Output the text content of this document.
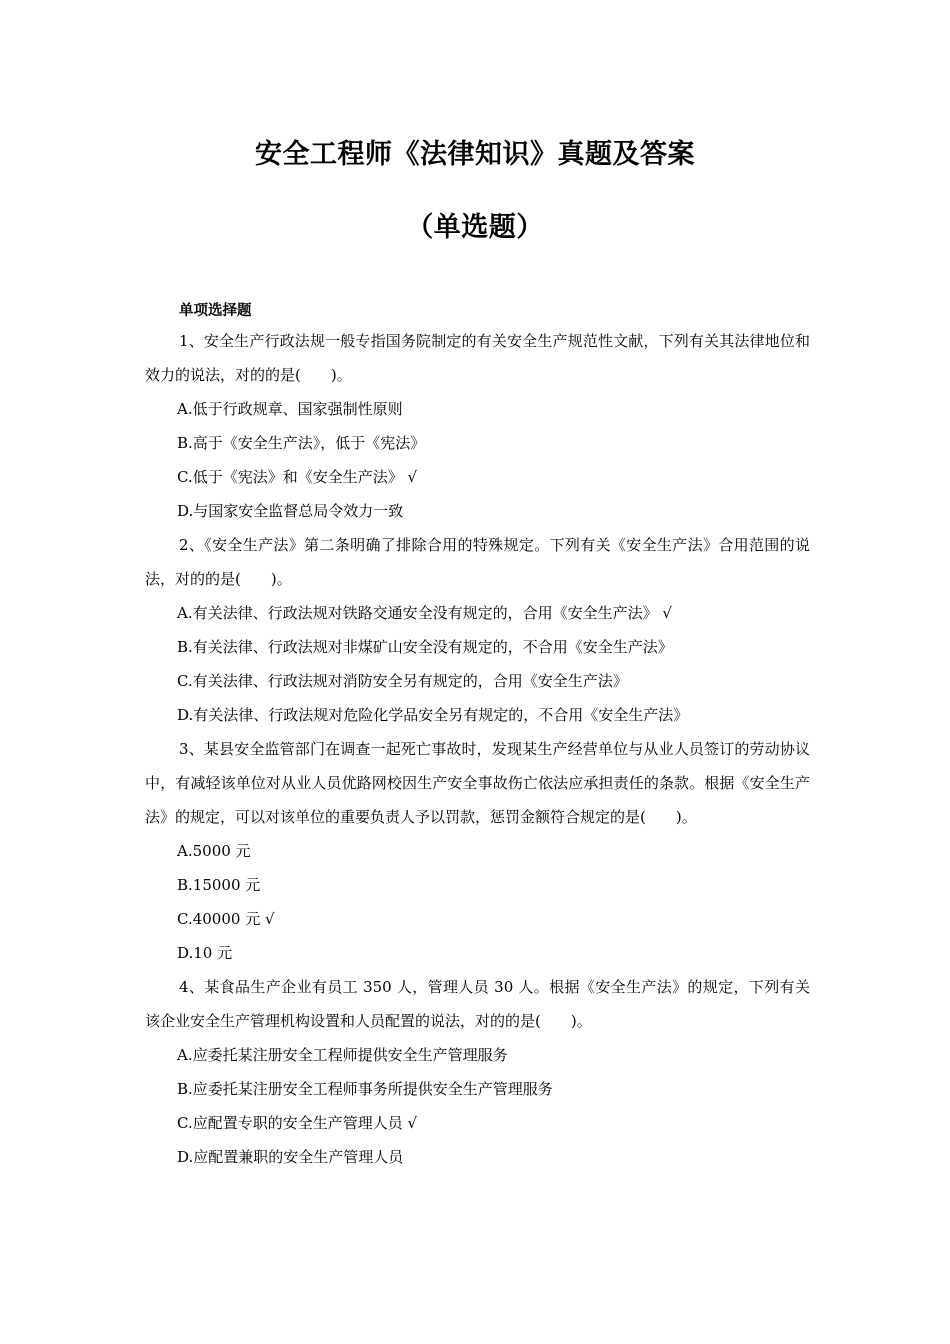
安全工程师《法律知识》真题及答案
（单选题）
单项选择题

1、安全生产行政法规一般专指国务院制定的有关安全生产规范性文献，下列有关其法律地位和效力的说法，对的的是(　　)。

A.低于行政规章、国家强制性原则

B.高于《安全生产法》，低于《宪法》

C.低于《宪法》和《安全生产法》 √

D.与国家安全监督总局令效力一致

2、《安全生产法》第二条明确了排除合用的特殊规定。下列有关《安全生产法》合用范围的说法，对的的是(　　)。

A.有关法律、行政法规对铁路交通安全没有规定的，合用《安全生产法》 √

B.有关法律、行政法规对非煤矿山安全没有规定的，不合用《安全生产法》

C.有关法律、行政法规对消防安全另有规定的，合用《安全生产法》

D.有关法律、行政法规对危险化学品安全另有规定的，不合用《安全生产法》

3、某县安全监管部门在调查一起死亡事故时，发现某生产经营单位与从业人员签订的劳动协议中，有减轻该单位对从业人员优路网校因生产安全事故伤亡依法应承担责任的条款。根据《安全生产法》的规定，可以对该单位的重要负责人予以罚款，惩罚金额符合规定的是(　　)。

A.5000 元

B.15000 元

C.40000 元 √

D.10 元

4、某食品生产企业有员工 350 人，管理人员 30 人。根据《安全生产法》的规定，下列有关该企业安全生产管理机构设置和人员配置的说法，对的的是(　　)。

A.应委托某注册安全工程师提供安全生产管理服务

B.应委托某注册安全工程师事务所提供安全生产管理服务

C.应配置专职的安全生产管理人员 √

D.应配置兼职的安全生产管理人员
